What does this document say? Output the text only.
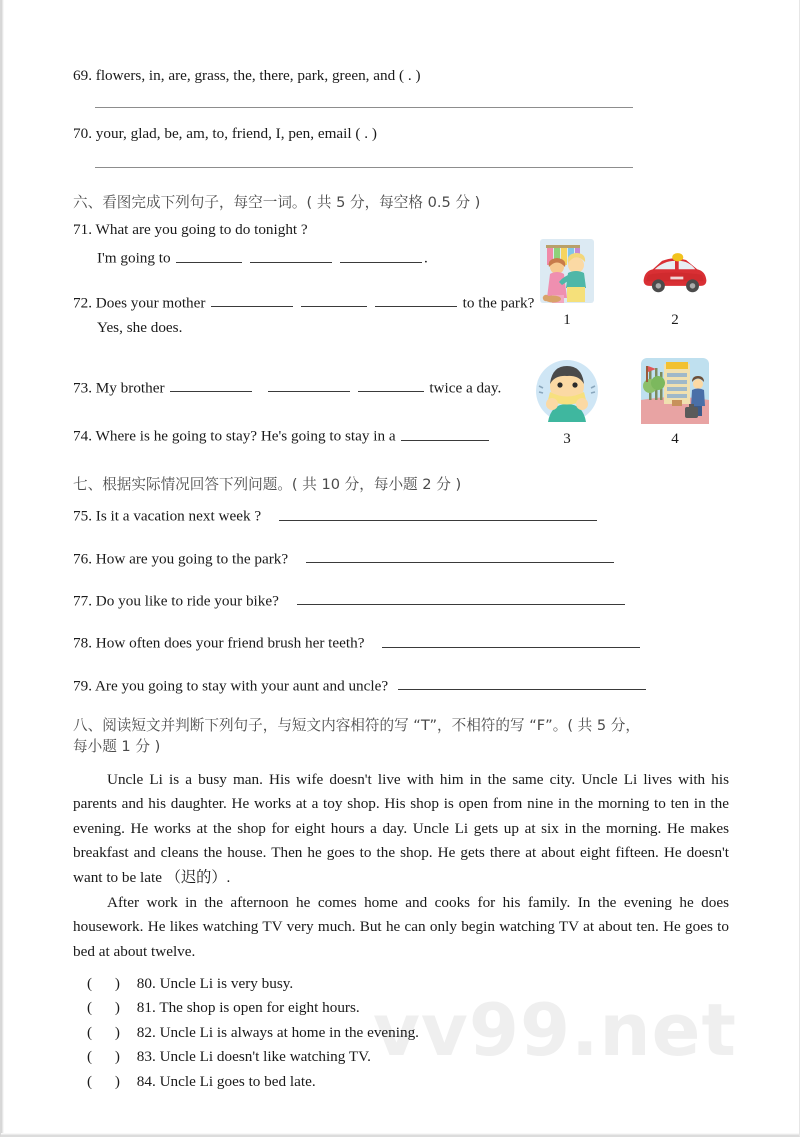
vv99.net
1	2
3	4
69. flowers, in, are, grass, the, there, park, green, and ( . )
70. your, glad, be, am, to, friend, I, pen, email ( . )
六、看图完成下列句子，每空一词。( 共 5 分，每空格 0.5 分 )
71. What are you going to do tonight ?
I'm going to	.
72. Does your mother	to the park?
Yes, she does.
73. My brother	twice a day.
74. Where is he going to stay? He's going to stay in a
七、根据实际情况回答下列问题。( 共 10 分，每小题 2 分 )
75. Is it a vacation next week ?
76. How are you going to the park?
77. Do you like to ride your bike?
78. How often does your friend brush her teeth?
79. Are you going to stay with your aunt and uncle?
八、阅读短文并判断下列句子，与短文内容相符的写 “T”，不相符的写 “F”。( 共 5 分，
每小题 1 分 )

Uncle Li is a busy man. His wife doesn't live with him in the same city. Uncle Li lives with his parents and his daughter. He works at a toy shop. His shop is open from nine in the morning to ten in the evening. He works at the shop for eight hours a day. Uncle Li gets up at six in the morning. He makes breakfast and cleans the house. Then he goes to the shop. He gets there at about eight fifteen. He doesn't want to be late （迟的）.

After work in the afternoon he comes home and cooks for his family. In the evening he does housework. He likes watching TV very much. But he can only begin watching TV at about ten. He goes to bed at about twelve.

(      ) 80. Uncle Li is very busy.
(      ) 81. The shop is open for eight hours.
(      ) 82. Uncle Li is always at home in the evening.
(      ) 83. Uncle Li doesn't like watching TV.
(      ) 84. Uncle Li goes to bed late.
